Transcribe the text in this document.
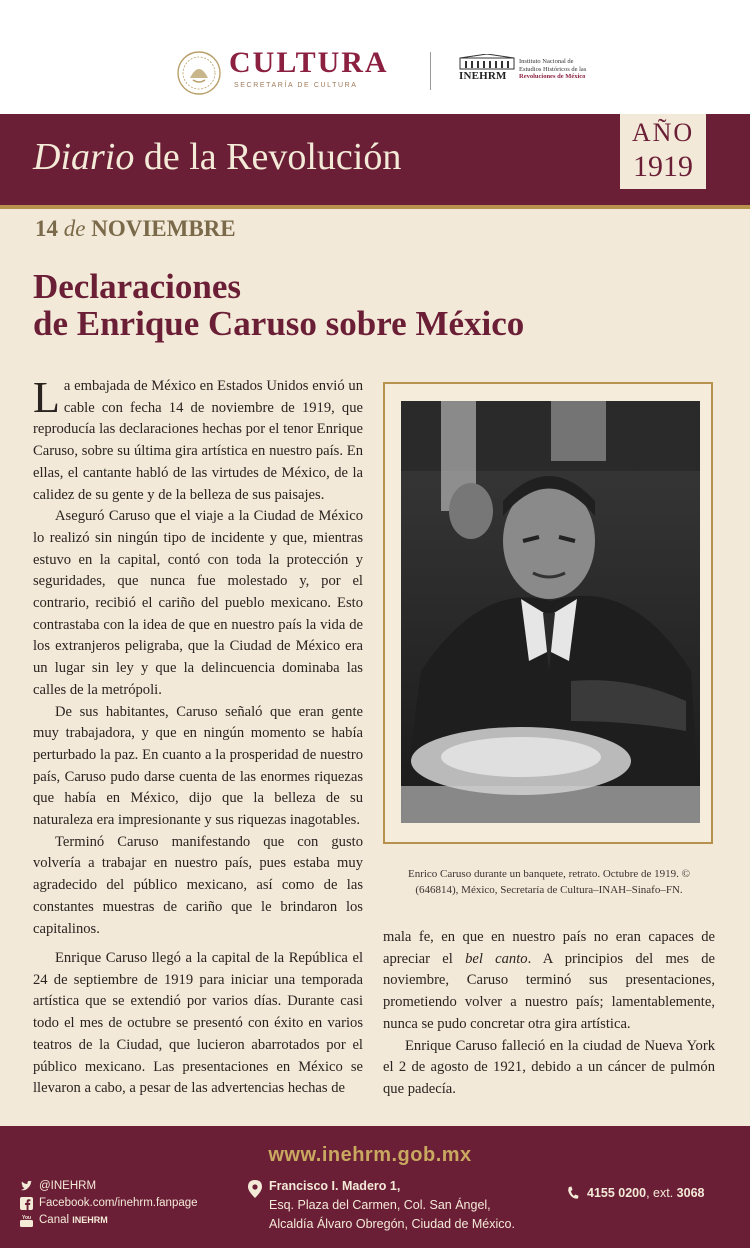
CULTURA
SECRETARÍA DE CULTURA
INEHRM
Instituto Nacional de
Estudios Históricos de las
Revoluciones de México
Diario de la Revolución
AÑO
1919
14 de NOVIEMBRE
Declaraciones
de Enrique Caruso sobre México

La embajada de México en Estados Unidos envió un cable con fecha 14 de noviembre de 1919, que reproducía las declaraciones hechas por el tenor Enrique Caruso, sobre su última gira artística en nuestro país. En ellas, el cantante habló de las virtudes de México, de la calidez de su gente y de la belleza de sus paisajes.

Aseguró Caruso que el viaje a la Ciudad de México lo realizó sin ningún tipo de incidente y que, mientras estuvo en la capital, contó con toda la protección y seguridades, que nunca fue molestado y, por el contrario, recibió el cariño del pueblo mexicano. Esto contrastaba con la idea de que en nuestro país la vida de los extranjeros peligraba, que la Ciudad de México era un lugar sin ley y que la delincuencia dominaba las calles de la metrópoli.

De sus habitantes, Caruso señaló que eran gente muy trabajadora, y que en ningún momento se había perturbado la paz. En cuanto a la prosperidad de nuestro país, Caruso pudo darse cuenta de las enormes riquezas que había en México, dijo que la belleza de su naturaleza era impresionante y sus riquezas inagotables.

Terminó Caruso manifestando que con gusto volvería a trabajar en nuestro país, pues estaba muy agradecido del público mexicano, así como de las constantes muestras de cariño que le brindaron los capitalinos.

Enrique Caruso llegó a la capital de la República el 24 de septiembre de 1919 para iniciar una temporada artística que se extendió por varios días. Durante casi todo el mes de octubre se presentó con éxito en varios teatros de la Ciudad, que lucieron abarrotados por el público mexicano. Las presentaciones en México se llevaron a cabo, a pesar de las advertencias hechas de

Enrico Caruso durante un banquete, retrato. Octubre de 1919. ©
(646814), México, Secretaría de Cultura–INAH–Sinafo–FN.

mala fe, en que en nuestro país no eran capaces de apreciar el bel canto. A principios del mes de noviembre, Caruso terminó sus presentaciones, prometiendo volver a nuestro país; lamentablemente, nunca se pudo concretar otra gira artística.

Enrique Caruso falleció en la ciudad de Nueva York el 2 de agosto de 1921, debido a un cáncer de pulmón que padecía.

www.inehrm.gob.mx
@INEHRM
Facebook.com/inehrm.fanpage
You Canal
INEHRM
Francisco I. Madero 1,
Esq. Plaza del Carmen, Col. San Ángel,
Alcaldía Álvaro Obregón, Ciudad de México.
4155 0200 , ext.
3068
